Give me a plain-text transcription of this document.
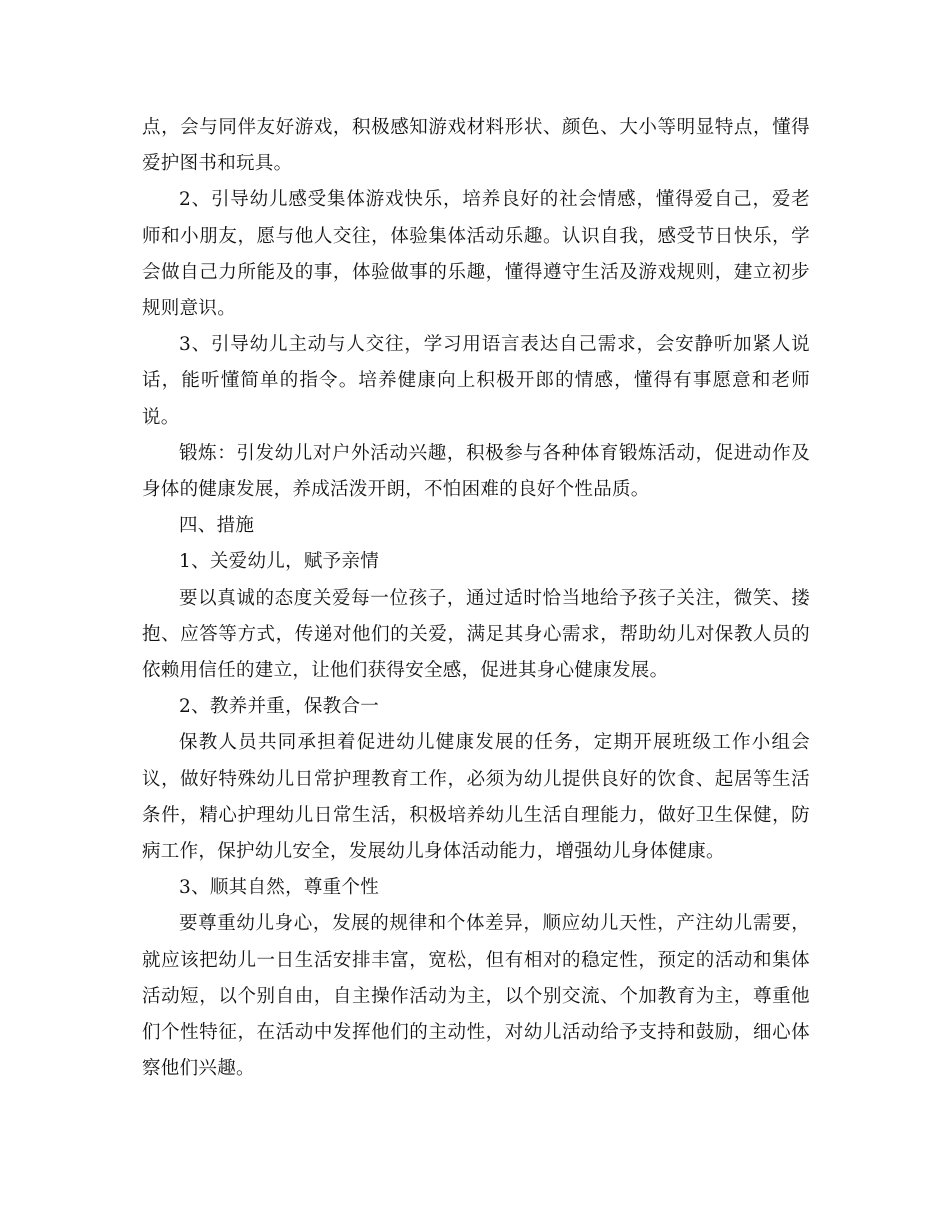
点，会与同伴友好游戏，积极感知游戏材料形状、颜色、大小等明显特点，懂得爱护图书和玩具。

2、引导幼儿感受集体游戏快乐，培养良好的社会情感，懂得爱自己，爱老师和小朋友，愿与他人交往，体验集体活动乐趣。认识自我，感受节日快乐，学会做自己力所能及的事，体验做事的乐趣，懂得遵守生活及游戏规则，建立初步规则意识。

3、引导幼儿主动与人交往，学习用语言表达自己需求，会安静听加紧人说话，能听懂简单的指令。培养健康向上积极开郎的情感，懂得有事愿意和老师说。

锻炼：引发幼儿对户外活动兴趣，积极参与各种体育锻炼活动，促进动作及身体的健康发展，养成活泼开朗，不怕困难的良好个性品质。

四、措施

1、关爱幼儿，赋予亲情

要以真诚的态度关爱每一位孩子，通过适时恰当地给予孩子关注，微笑、搂抱、应答等方式，传递对他们的关爱，满足其身心需求，帮助幼儿对保教人员的依赖用信任的建立，让他们获得安全感，促进其身心健康发展。

2、教养并重，保教合一

保教人员共同承担着促进幼儿健康发展的任务，定期开展班级工作小组会议，做好特殊幼儿日常护理教育工作，必须为幼儿提供良好的饮食、起居等生活条件，精心护理幼儿日常生活，积极培养幼儿生活自理能力，做好卫生保健，防病工作，保护幼儿安全，发展幼儿身体活动能力，增强幼儿身体健康。

3、顺其自然，尊重个性

要尊重幼儿身心，发展的规律和个体差异，顺应幼儿天性，产注幼儿需要，就应该把幼儿一日生活安排丰富，宽松，但有相对的稳定性，预定的活动和集体活动短，以个别自由，自主操作活动为主，以个别交流、个加教育为主，尊重他们个性特征，在活动中发挥他们的主动性，对幼儿活动给予支持和鼓励，细心体察他们兴趣。
